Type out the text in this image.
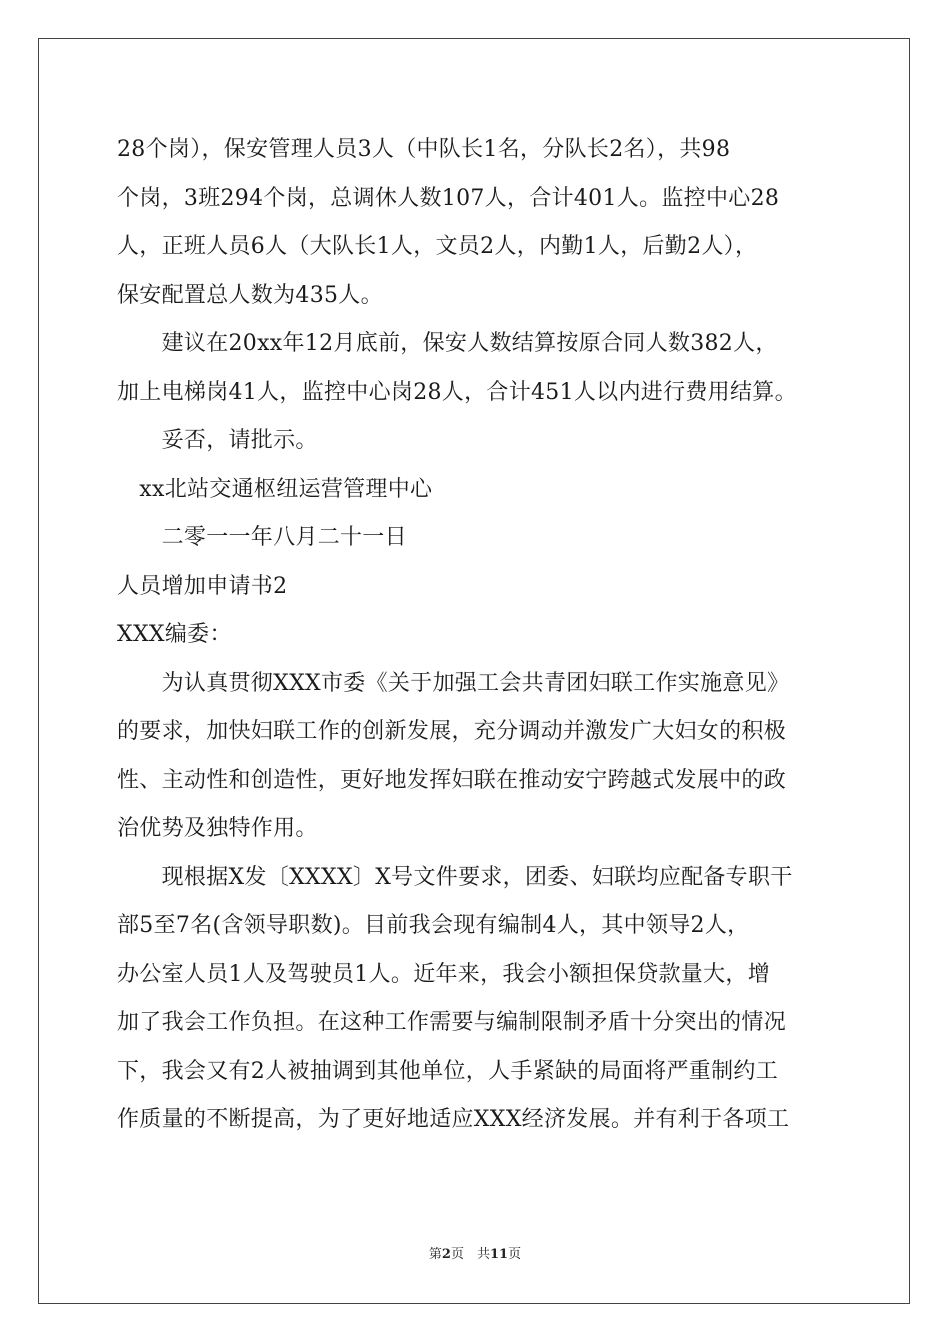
28个岗），保安管理人员3人（中队长1名，分队长2名），共98
个岗，3班294个岗，总调休人数107人，合计401人。监控中心28
人，正班人员6人（大队长1人，文员2人，内勤1人，后勤2人），
保安配置总人数为435人。
　　建议在20xx年12月底前，保安人数结算按原合同人数382人，
加上电梯岗41人，监控中心岗28人，合计451人以内进行费用结算。
　　妥否，请批示。
　xx北站交通枢纽运营管理中心
　　二零一一年八月二十一日
人员增加申请书2
XXX编委：
　　为认真贯彻XXX市委《关于加强工会共青团妇联工作实施意见》
的要求，加快妇联工作的创新发展，充分调动并激发广大妇女的积极
性、主动性和创造性，更好地发挥妇联在推动安宁跨越式发展中的政
治优势及独特作用。
　　现根据X发〔XXXX〕X号文件要求，团委、妇联均应配备专职干
部5至7名(含领导职数)。目前我会现有编制4人，其中领导2人，
办公室人员1人及驾驶员1人。近年来，我会小额担保贷款量大，增
加了我会工作负担。在这种工作需要与编制限制矛盾十分突出的情况
下，我会又有2人被抽调到其他单位，人手紧缺的局面将严重制约工
作质量的不断提高，为了更好地适应XXX经济发展。并有利于各项工
第2页　共11页
